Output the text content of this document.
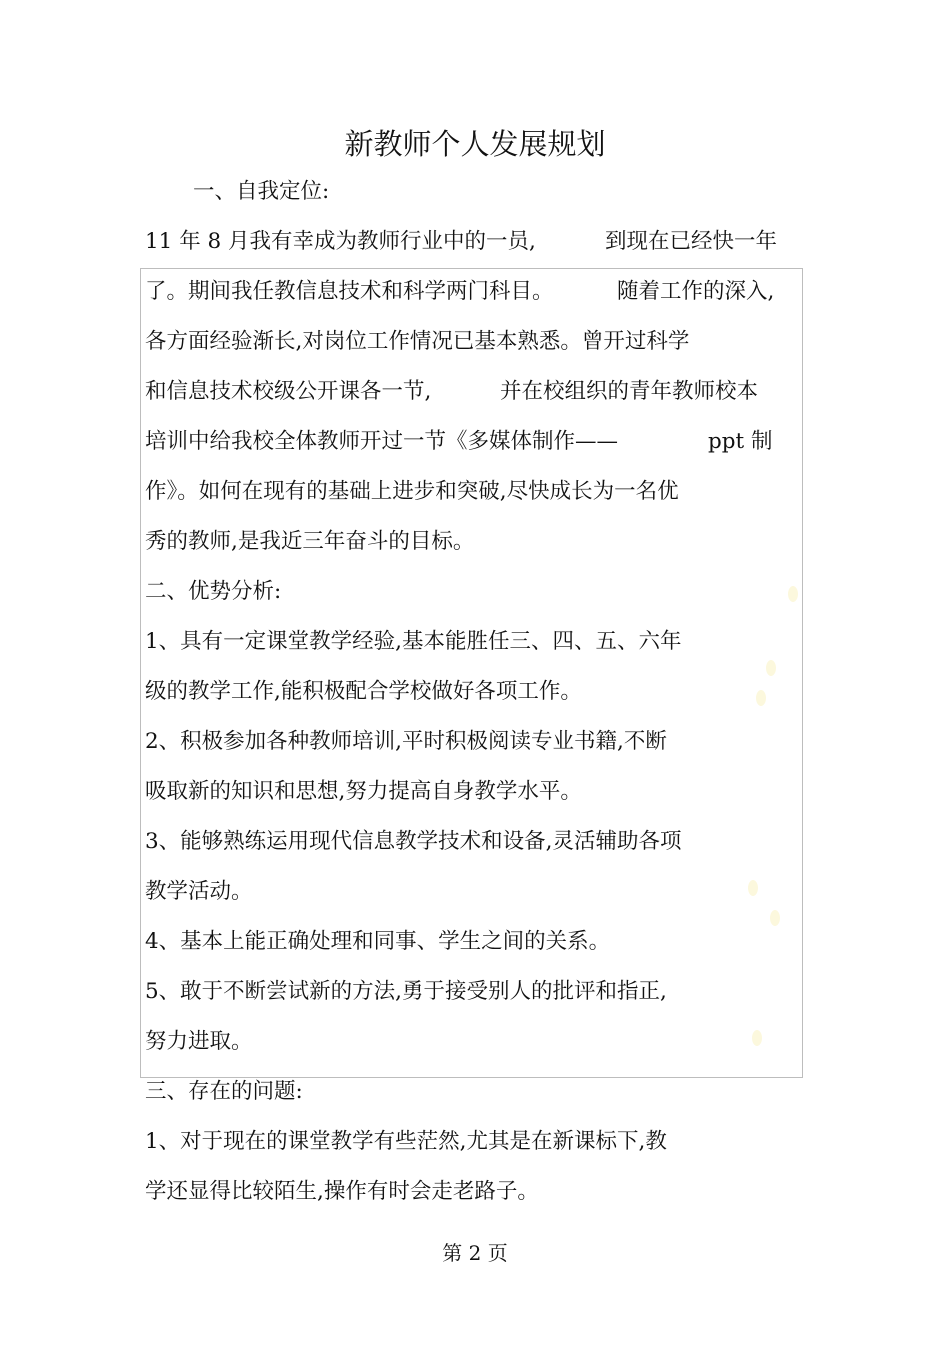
新教师个人发展规划
一、自我定位:
11 年 8 月我有幸成为教师行业中的一员,	到现在已经快一年
了。期间我任教信息技术和科学两门科目。	随着工作的深入,
各方面经验渐长,对岗位工作情况已基本熟悉。曾开过科学
和信息技术校级公开课各一节,	并在校组织的青年教师校本
培训中给我校全体教师开过一节《多媒体制作——	ppt 制
作》。如何在现有的基础上进步和突破,尽快成长为一名优
秀的教师,是我近三年奋斗的目标。
二、优势分析:
1、具有一定课堂教学经验,基本能胜任三、四、五、六年
级的教学工作,能积极配合学校做好各项工作。
2、积极参加各种教师培训,平时积极阅读专业书籍,不断
吸取新的知识和思想,努力提高自身教学水平。
3、能够熟练运用现代信息教学技术和设备,灵活辅助各项
教学活动。
4、基本上能正确处理和同事、学生之间的关系。
5、敢于不断尝试新的方法,勇于接受别人的批评和指正,
努力进取。
三、存在的问题:
1、对于现在的课堂教学有些茫然,尤其是在新课标下,教
学还显得比较陌生,操作有时会走老路子。
第 2 页
